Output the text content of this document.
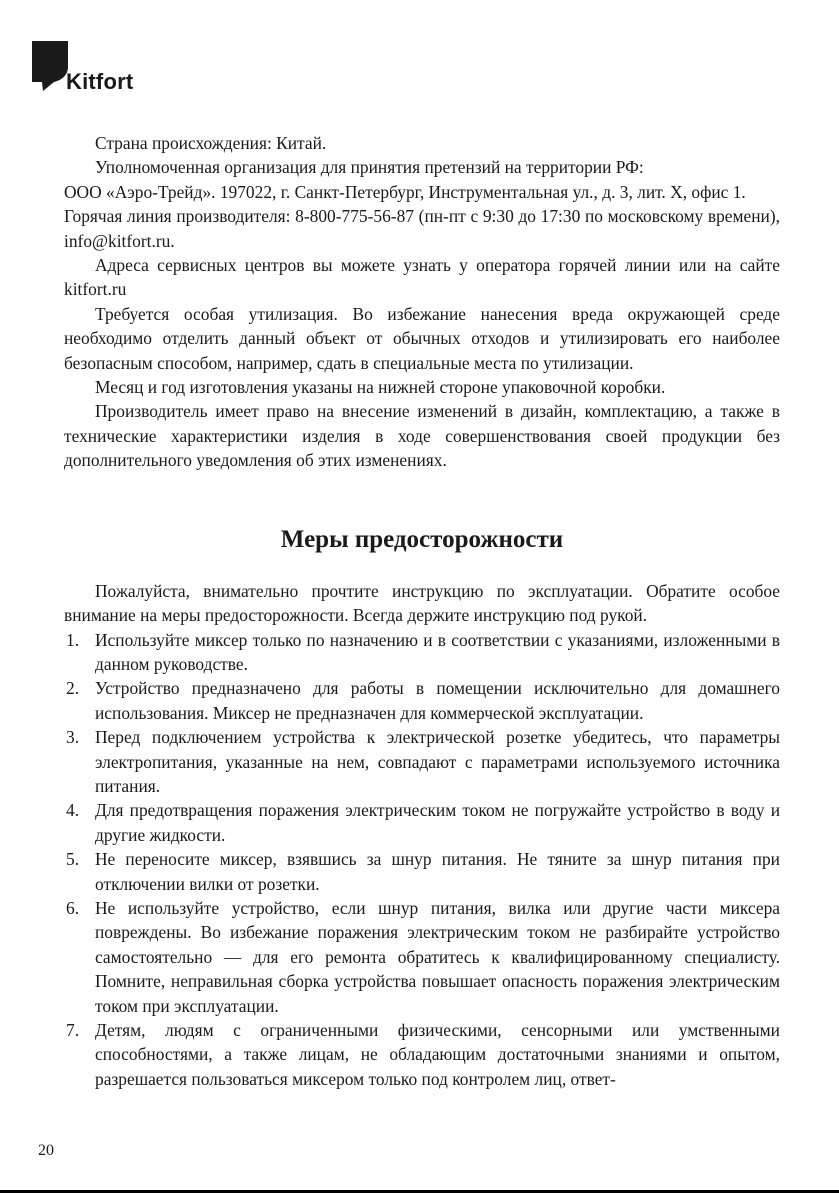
Kitfort

Страна происхождения: Китай.

Уполномоченная организация для принятия претензий на территории РФ:

ООО «Аэро-Трейд». 197022, г. Санкт-Петербург, Инструментальная ул., д. 3, лит. Х, офис 1.

Горячая линия производителя: 8-800-775-56-87 (пн-пт с 9:30 до 17:30 по московскому времени), info@kitfort.ru.

Адреса сервисных центров вы можете узнать у оператора горячей линии или на сайте kitfort.ru

Требуется особая утилизация. Во избежание нанесения вреда окружающей среде необходимо отделить данный объект от обычных отходов и утилизировать его наиболее безопасным способом, например, сдать в специальные места по утилизации.

Месяц и год изготовления указаны на нижней стороне упаковочной коробки.

Производитель имеет право на внесение изменений в дизайн, комплектацию, а также в технические характеристики изделия в ходе совершенствования своей продукции без дополнительного уведомления об этих изменениях.

Меры предосторожности

Пожалуйста, внимательно прочтите инструкцию по эксплуатации. Обратите особое внимание на меры предосторожности. Всегда держите инструкцию под рукой.

1. Используйте миксер только по назначению и в соответствии с указаниями, изложенными в данном руководстве.
2. Устройство предназначено для работы в помещении исключительно для домашнего использования. Миксер не предназначен для коммерческой эксплуатации.
3. Перед подключением устройства к электрической розетке убедитесь, что параметры электропитания, указанные на нем, совпадают с параметрами используемого источника питания.
4. Для предотвращения поражения электрическим током не погружайте устройство в воду и другие жидкости.
5. Не переносите миксер, взявшись за шнур питания. Не тяните за шнур питания при отключении вилки от розетки.
6. Не используйте устройство, если шнур питания, вилка или другие части миксера повреждены. Во избежание поражения электрическим током не разбирайте устройство самостоятельно — для его ремонта обратитесь к квалифицированному специалисту. Помните, неправильная сборка устройства повышает опасность поражения электрическим током при эксплуатации.
7. Детям, людям с ограниченными физическими, сенсорными или умственными способностями, а также лицам, не обладающим достаточными знаниями и опытом, разрешается пользоваться миксером только под контролем лиц, ответ-
20
